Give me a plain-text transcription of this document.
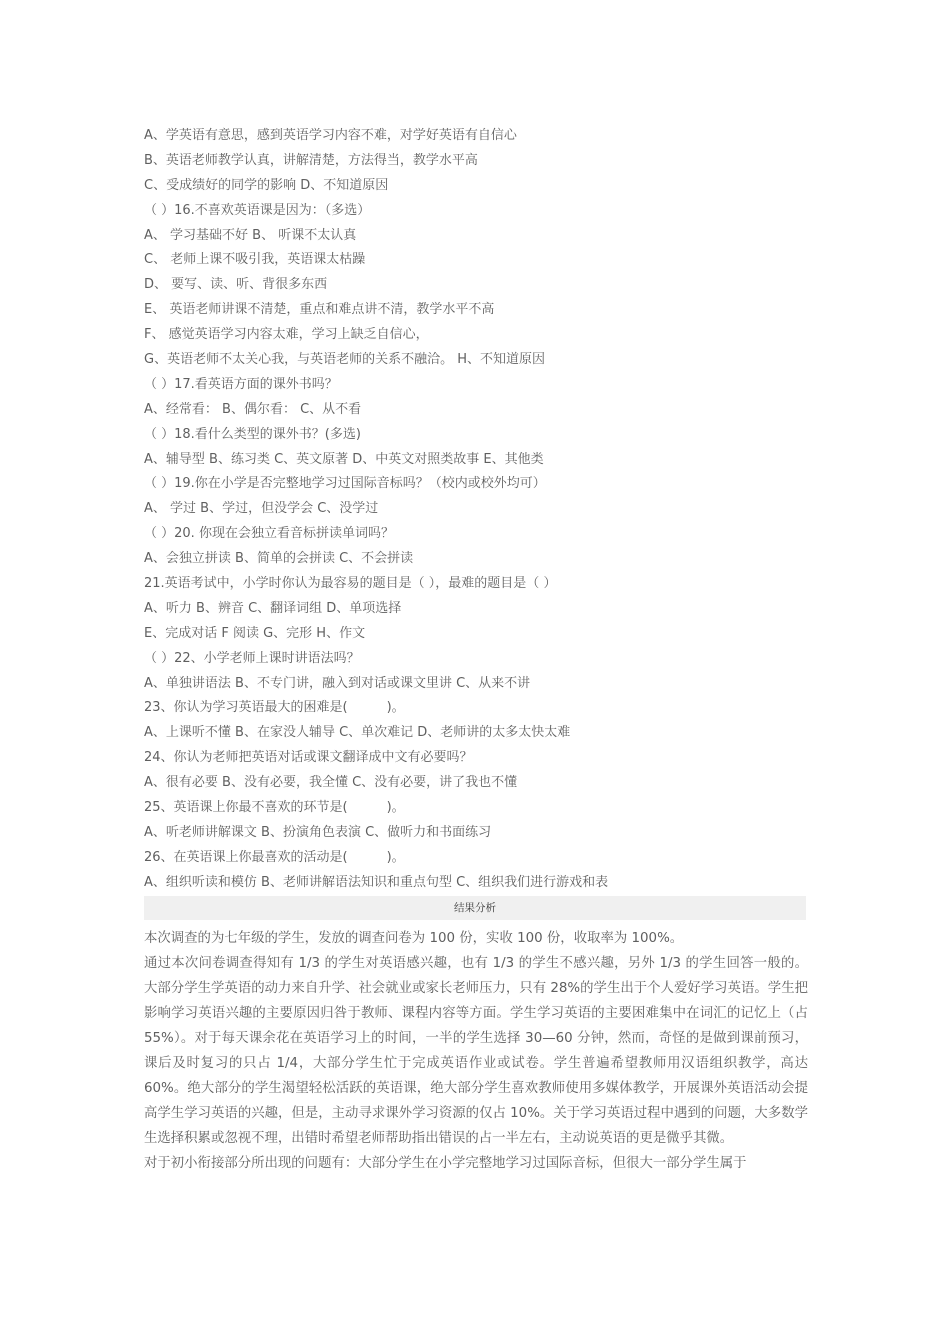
A、学英语有意思，感到英语学习内容不难，对学好英语有自信心
B、英语老师教学认真，讲解清楚，方法得当，教学水平高
C、受成绩好的同学的影响 D、不知道原因
（ ）16.不喜欢英语课是因为：（多选）
A、 学习基础不好 B、 听课不太认真
C、 老师上课不吸引我，英语课太枯躁
D、 要写、读、听、背很多东西
E、 英语老师讲课不清楚，重点和难点讲不清，教学水平不高
F、 感觉英语学习内容太难，学习上缺乏自信心，
G、英语老师不太关心我，与英语老师的关系不融洽。 H、不知道原因
（ ）17.看英语方面的课外书吗？
A、经常看： B、偶尔看： C、从不看
（ ）18.看什么类型的课外书？(多选)
A、辅导型 B、练习类 C、英文原著 D、中英文对照类故事 E、其他类
（ ）19.你在小学是否完整地学习过国际音标吗？（校内或校外均可）
A、 学过 B、学过，但没学会 C、没学过
（ ）20. 你现在会独立看音标拼读单词吗？
A、会独立拼读 B、简单的会拼读 C、不会拼读
21.英语考试中，小学时你认为最容易的题目是（ ），最难的题目是（ ）
A、听力 B、辨音 C、翻译词组 D、单项选择
E、完成对话 F 阅读 G、完形 H、作文
（ ）22、小学老师上课时讲语法吗？
A、单独讲语法 B、不专门讲，融入到对话或课文里讲 C、从来不讲
23、你认为学习英语最大的困难是(　　　)。
A、上课听不懂 B、在家没人辅导 C、单次难记 D、老师讲的太多太快太难
24、你认为老师把英语对话或课文翻译成中文有必要吗？
A、很有必要 B、没有必要，我全懂 C、没有必要，讲了我也不懂
25、英语课上你最不喜欢的环节是(　　　)。
A、听老师讲解课文 B、扮演角色表演 C、做听力和书面练习
26、在英语课上你最喜欢的活动是(　　　)。
A、组织听读和模仿 B、老师讲解语法知识和重点句型 C、组织我们进行游戏和表
结果分析

本次调查的为七年级的学生，发放的调查问卷为 100 份，实收 100 份，收取率为 100%。

通过本次问卷调查得知有 1/3 的学生对英语感兴趣，也有 1/3 的学生不感兴趣，另外 1/3 的学生回答一般的。大部分学生学英语的动力来自升学、社会就业或家长老师压力，只有 28%的学生出于个人爱好学习英语。学生把影响学习英语兴趣的主要原因归咎于教师、课程内容等方面。学生学习英语的主要困难集中在词汇的记忆上（占 55%）。对于每天课余花在英语学习上的时间，一半的学生选择 30—60 分钟，然而，奇怪的是做到课前预习，课后及时复习的只占 1/4，大部分学生忙于完成英语作业或试卷。学生普遍希望教师用汉语组织教学，高达 60%。绝大部分的学生渴望轻松活跃的英语课，绝大部分学生喜欢教师使用多媒体教学，开展课外英语活动会提高学生学习英语的兴趣，但是，主动寻求课外学习资源的仅占 10%。关于学习英语过程中遇到的问题，大多数学生选择积累或忽视不理，出错时希望老师帮助指出错误的占一半左右，主动说英语的更是微乎其微。

对于初小衔接部分所出现的问题有：大部分学生在小学完整地学习过国际音标，但很大一部分学生属于
